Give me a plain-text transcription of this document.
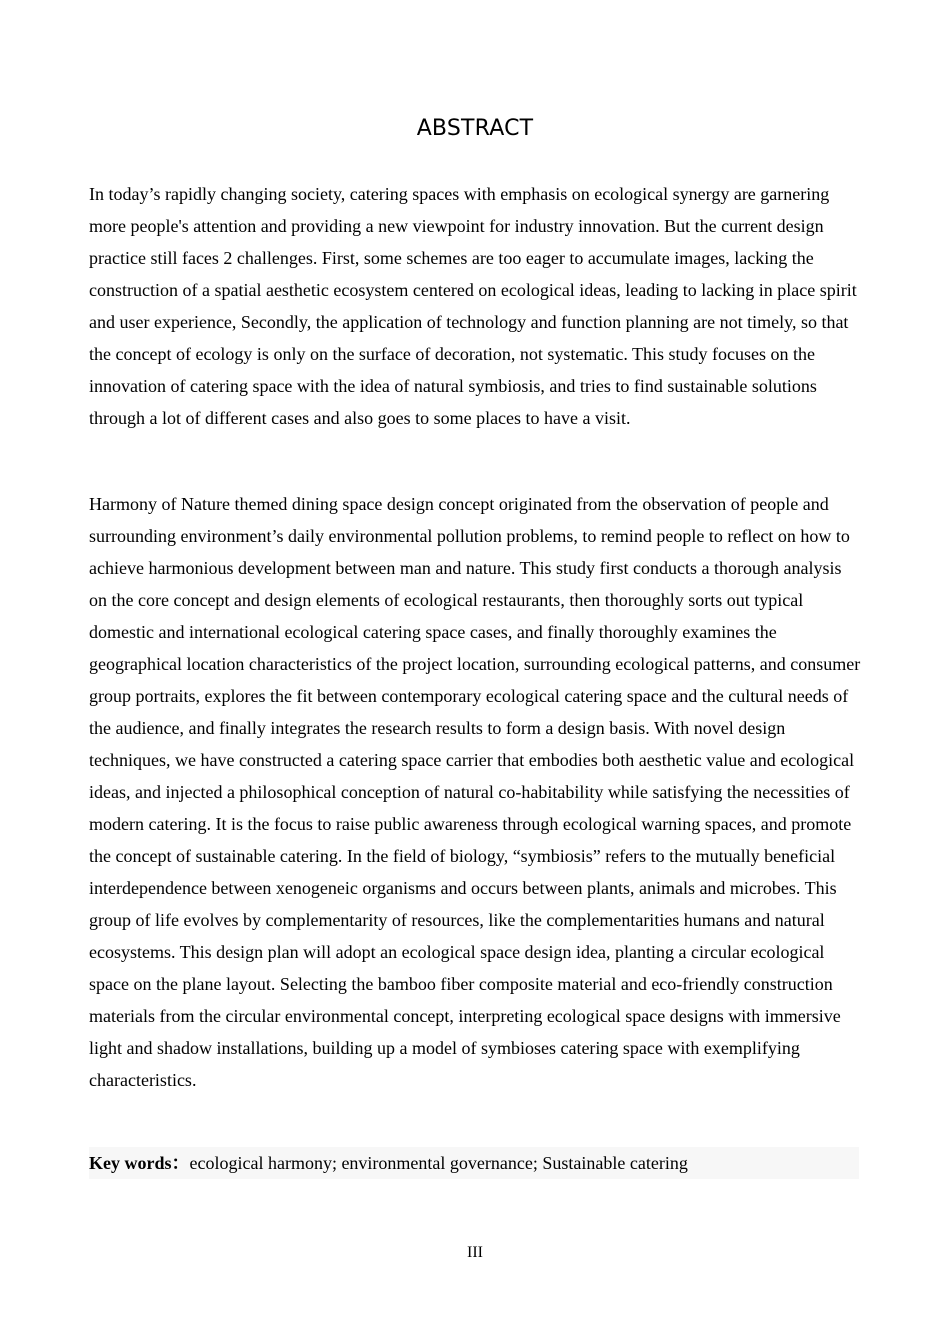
ABSTRACT

In today’s rapidly changing society, catering spaces with emphasis on ecological synergy are garnering more people's attention and providing a new viewpoint for industry innovation. But the current design practice still faces 2 challenges. First, some schemes are too eager to accumulate images, lacking the construction of a spatial aesthetic ecosystem centered on ecological ideas, leading to lacking in place spirit and user experience, Secondly, the application of technology and function planning are not timely, so that the concept of ecology is only on the surface of decoration, not systematic. This study focuses on the innovation of catering space with the idea of natural symbiosis, and tries to find sustainable solutions through a lot of different cases and also goes to some places to have a visit.

Harmony of Nature themed dining space design concept originated from the observation of people and surrounding environment’s daily environmental pollution problems, to remind people to reflect on how to achieve harmonious development between man and nature. This study first conducts a thorough analysis on the core concept and design elements of ecological restaurants, then thoroughly sorts out typical domestic and international ecological catering space cases, and finally thoroughly examines the geographical location characteristics of the project location, surrounding ecological patterns, and consumer group portraits, explores the fit between contemporary ecological catering space and the cultural needs of the audience, and finally integrates the research results to form a design basis. With novel design techniques, we have constructed a catering space carrier that embodies both aesthetic value and ecological ideas, and injected a philosophical conception of natural co-habitability while satisfying the necessities of modern catering. It is the focus to raise public awareness through ecological warning spaces, and promote the concept of sustainable catering. In the field of biology, “symbiosis” refers to the mutually beneficial interdependence between xenogeneic organisms and occurs between plants, animals and microbes. This group of life evolves by complementarity of resources, like the complementarities humans and natural ecosystems. This design plan will adopt an ecological space design idea, planting a circular ecological space on the plane layout. Selecting the bamboo fiber composite material and eco-friendly construction materials from the circular environmental concept, interpreting ecological space designs with immersive light and shadow installations, building up a model of symbioses catering space with exemplifying characteristics.

Key words：ecological harmony; environmental governance; Sustainable catering
III
